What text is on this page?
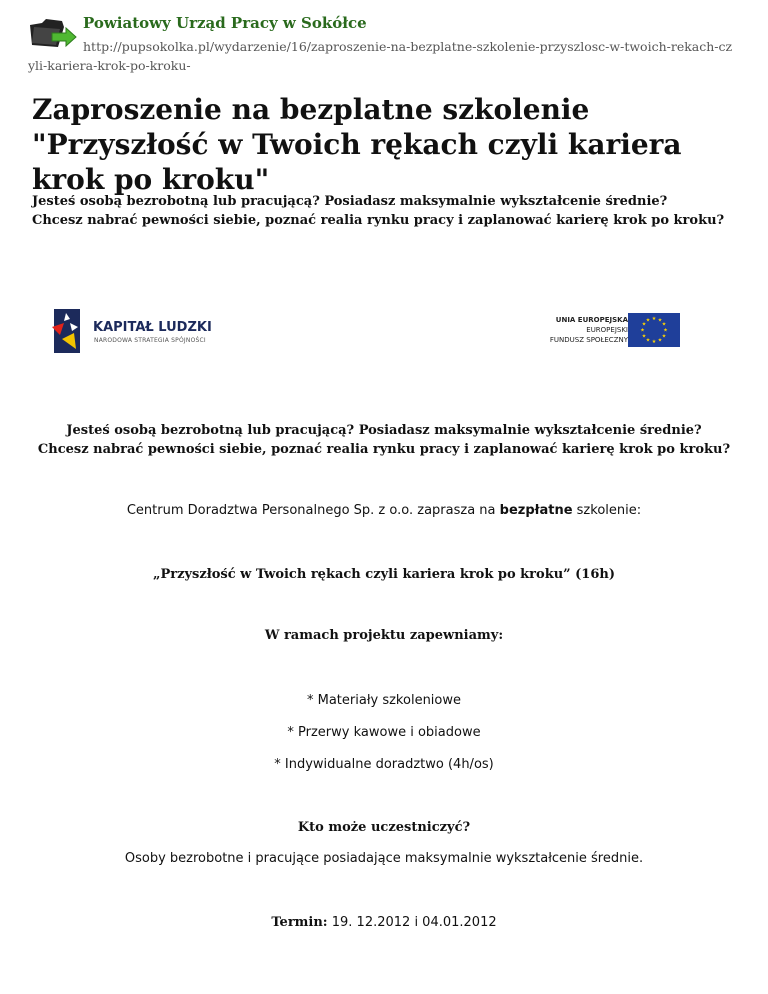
Powiatowy Urząd Pracy w Sokółce
http://pupsokolka.pl/wydarzenie/16/zaproszenie-na-bezplatne-szkolenie-przyszlosc-w-twoich-rekach-cz
yli-kariera-krok-po-kroku-
Zaproszenie na bezplatne szkolenie "Przyszłość w Twoich rękach czyli kariera krok po kroku"

Jesteś osobą bezrobotną lub pracującą? Posiadasz maksymalnie wykształcenie średnie?

Chcesz nabrać pewności siebie, poznać realia rynku pracy i zaplanować karierę krok po kroku?

KAPITAŁ LUDZKI
NARODOWA STRATEGIA SPÓJNOŚCI
UNIA EUROPEJSKA
EUROPEJSKI
FUNDUSZ SPOŁECZNY
★ ★
★
★
★
★
★
★
★
★
★
★

Jesteś osobą bezrobotną lub pracującą? Posiadasz maksymalnie wykształcenie średnie?

Chcesz nabrać pewności siebie, poznać realia rynku pracy i zaplanować karierę krok po kroku?

Centrum Doradztwa Personalnego Sp. z o.o. zaprasza na bezpłatne szkolenie:
„Przyszłość w Twoich rękach czyli kariera krok po kroku” (16h)
W ramach projektu zapewniamy:
* Materiały szkoleniowe
* Przerwy kawowe i obiadowe
* Indywidualne doradztwo (4h/os)
Kto może uczestniczyć?
Osoby bezrobotne i pracujące posiadające maksymalnie wykształcenie średnie.
Termin: 19. 12.2012 i 04.01.2012
